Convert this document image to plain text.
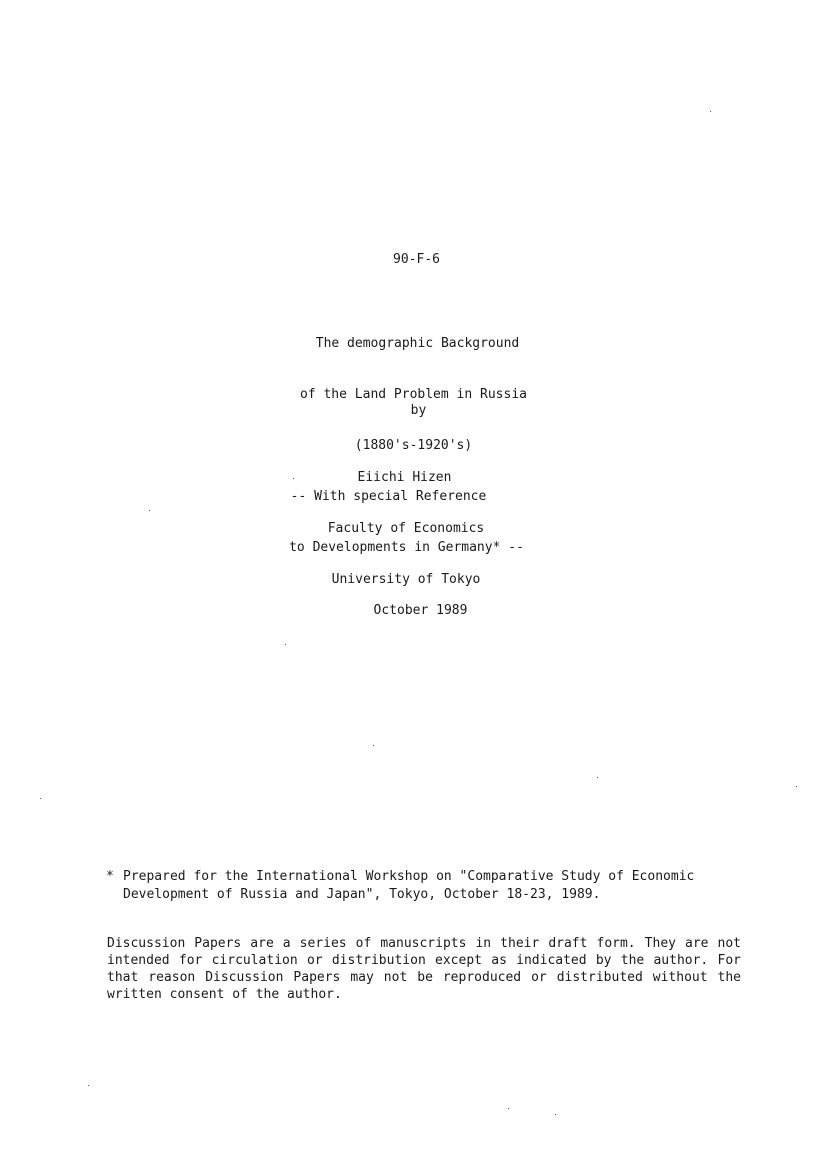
90-F-6

The demographic Background

of the Land Problem in Russia

(1880's-1920's)

-- With special Reference

to Developments in Germany* --

by

Eiichi Hizen

Faculty of Economics

University of Tokyo

October 1989
* Prepared for the International Workshop on "Comparative Study of Economic Development of Russia and Japan", Tokyo, October 18-23, 1989.
Discussion Papers are a series of manuscripts in their draft form. They are not intended for circulation or distribution except as indicated by the author. For that reason Discussion Papers may not be reproduced or distributed without the written consent of the author.
